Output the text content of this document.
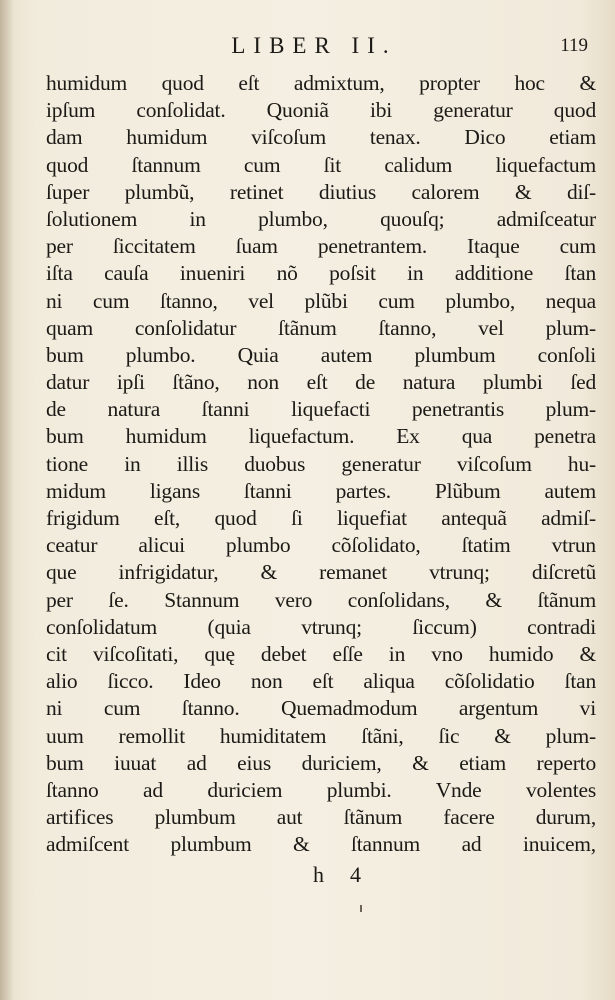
LIBER II.	119
humidum quod eſt admixtum, propter hoc &
ipſum conſolidat. Quoniã ibi generatur quod
dam humidum viſcoſum tenax. Dico etiam
quod ſtannum cum ſit calidum liquefactum
ſuper plumbũ, retinet diutius calorem & diſ-
ſolutionem in plumbo, quouſq; admiſceatur
per ſiccitatem ſuam penetrantem. Itaque cum
iſta cauſa inueniri nõ poſsit in additione ſtan
ni cum ſtanno, vel plũbi cum plumbo, nequa
quam conſolidatur ſtãnum ſtanno, vel plum-
bum plumbo. Quia autem plumbum conſoli
datur ipſi ſtãno, non eſt de natura plumbi ſed
de natura ſtanni liquefacti penetrantis plum-
bum humidum liquefactum. Ex qua penetra
tione in illis duobus generatur viſcoſum hu-
midum ligans ſtanni partes. Plũbum autem
frigidum eſt, quod ſi liquefiat antequã admiſ-
ceatur alicui plumbo cõſolidato, ſtatim vtrun
que infrigidatur, & remanet vtrunq; diſcretũ
per ſe. Stannum vero conſolidans, & ſtãnum
conſolidatum (quia vtrunq; ſiccum) contradi
cit viſcoſitati, quę debet eſſe in vno humido &
alio ſicco. Ideo non eſt aliqua cõſolidatio ſtan
ni cum ſtanno. Quemadmodum argentum vi
uum remollit humiditatem ſtãni, ſic & plum-
bum iuuat ad eius duriciem, & etiam reperto
ſtanno ad duriciem plumbi. Vnde volentes
artifices plumbum aut ſtãnum facere durum,
admiſcent plumbum & ſtannum ad inuicem,
h 4
